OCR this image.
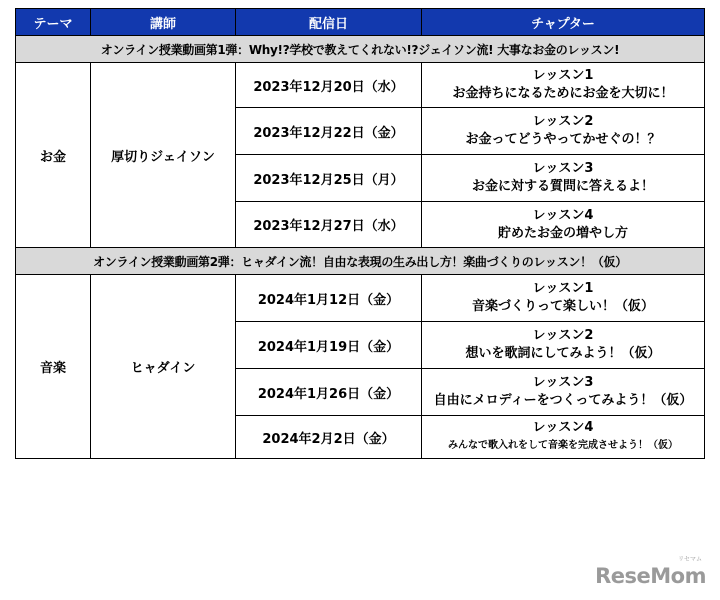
テーマ	講師	配信日	チャプター
オンライン授業動画第1弾：Why!?学校で教えてくれない!?ジェイソン流! 大事なお金のレッスン!			
お金	厚切りジェイソン	2023年12月20日（水）	レッスン1
お金持ちになるためにお金を大切に！

		2023年12月22日（金）	レッスン2
お金ってどうやってかせぐの！？

		2023年12月25日（月）	レッスン3
お金に対する質問に答えるよ！

		2023年12月27日（水）	レッスン4
貯めたお金の増やし方

オンライン授業動画第2弾：ヒャダイン流！自由な表現の生み出し方！楽曲づくりのレッスン！（仮）			
音楽	ヒャダイン	2024年1月12日（金）	レッスン1
音楽づくりって楽しい！（仮）

		2024年1月19日（金）	レッスン2
想いを歌詞にしてみよう！（仮）

		2024年1月26日（金）	レッスン3
自由にメロディーをつくってみよう！（仮）

		2024年2月2日（金）	レッスン4
みんなで歌入れをして音楽を完成させよう！（仮）
リセマム
ReseMom
